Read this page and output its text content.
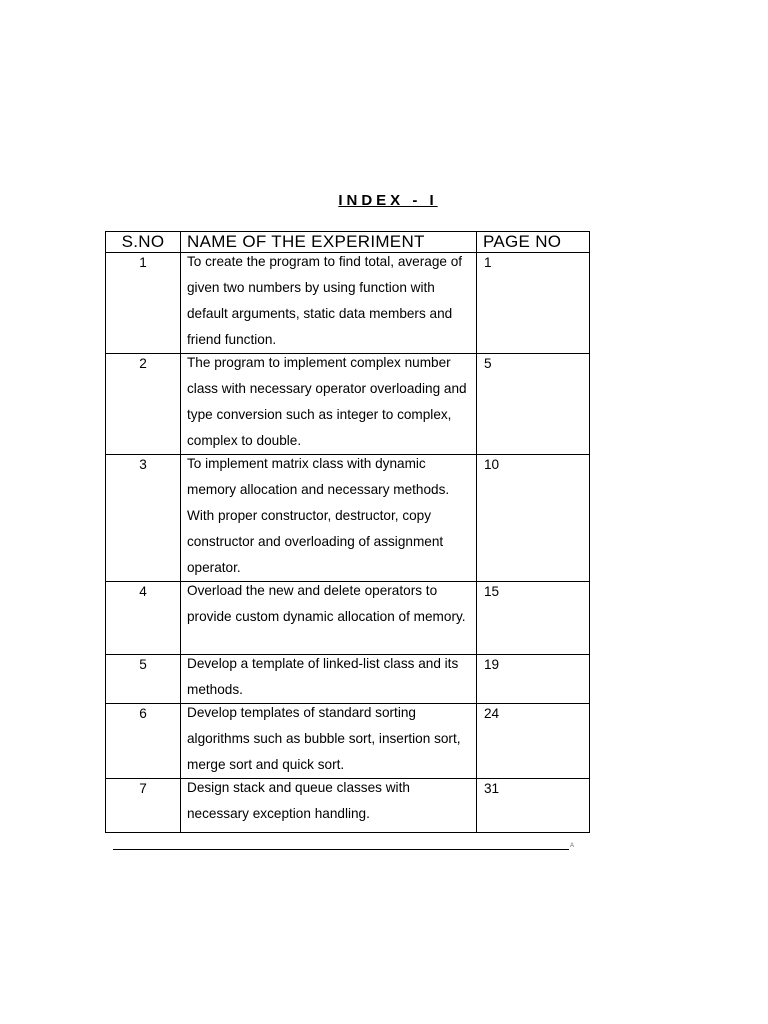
INDEX - I
S.NO	NAME OF THE EXPERIMENT	PAGE NO
1	To create the program to find total, average of given two numbers by using function with default arguments, static data members and friend function.	1
2	The program to implement complex number class with necessary operator overloading and type conversion such as integer to complex, complex to double.	5
3	To implement matrix class with dynamic memory allocation and necessary methods. With proper constructor, destructor, copy constructor and overloading of assignment operator.	10
4	Overload the new and delete operators to provide custom dynamic allocation of memory.	15
5	Develop a template of linked-list class and its methods.	19
6	Develop templates of standard sorting algorithms such as bubble sort, insertion sort, merge sort and quick sort.	24
7	Design stack and queue classes with necessary exception handling.	31
A
